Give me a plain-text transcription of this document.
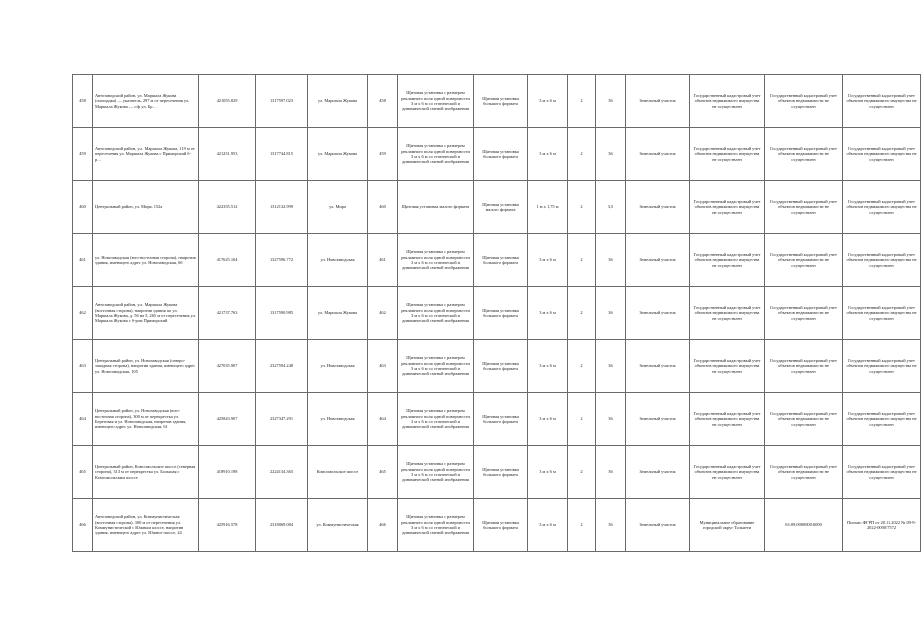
458	Автозаводский район, ул. Маршала Жукова (площадка) — указатель, 297 м от пересечения ул. Маршала Жукова — с/ф ул. Бр…	421055.829	1317597.023	ул. Маршала Жукова	458	Щитовая установка с размером рекламного поля одной поверхности 3 м х 6 м со статической и динамической сменой изображения	Щитовая установка большого формата	3 м х 6 м	2	36	Земельный участок	Государственный кадастровый учет объектов недвижимого имущества не осуществлен	Государственный кадастровый учет объектов недвижимости не осуществлен	Государственный кадастровый учет объектов недвижимого имущества не осуществлен
459	Автозаводский район, у.л. Маршала Жукова, 119 м от пересечения ул. Маршала Жукова с Приморский б-р…	421251.953	1317744.815	ул. Маршала Жукова	459	Щитовая установка с размером рекламного поля одной поверхности 3 м х 6 м со статической и динамической сменой изображения	Щитовая установка большого формата	3 м х 6 м	2	36	Земельный участок	Государственный кадастровый учет объектов недвижимого имущества не осуществлен	Государственный кадастровый учет объектов недвижимости не осуществлен	Государственный кадастровый учет объектов недвижимого имущества не осуществлен
460	Центральный район, ул. Мира, 152а	422355.512	1312132.999	ул. Мира	460	Щитовая установка малого формата	Щитовая установка малого формата	1 м х 1,75 м	2	3,5	Земельный участок	Государственный кадастровый учет объектов недвижимого имущества не осуществлен	Государственный кадастровый учет объектов недвижимости не осуществлен	Государственный кадастровый учет объектов недвижимого имущества не осуществлен
461	ул. Новозаводская (юго-восточная сторона), напротив здания, имеющего адрес ул. Новозаводская, 6б	417625.164	1327596.772	ул. Новозаводская	461	Щитовая установка с размером рекламного поля одной поверхности 3 м х 6 м со статической и динамической сменой изображения	Щитовая установка большого формата	3 м х 6 м	2	36	Земельный участок	Государственный кадастровый учет объектов недвижимого имущества не осуществлен	Государственный кадастровый учет объектов недвижимости не осуществлен	Государственный кадастровый учет объектов недвижимого имущества не осуществлен
462	Автозаводский район, у.л. Маршала Жукова (восточная сторона), напротив здания по ул. Маршала Жукова, д. 56 на 5, 265 м от пересечения ул. Маршала Жукова с б-ром Приморский	421737.763	1317590.985	ул. Маршала Жукова	462	Щитовая установка с размером рекламного поля одной поверхности 3 м х 6 м со статической и динамической сменой изображения	Щитовая установка большого формата	3 м х 6 м	2	36	Земельный участок	Государственный кадастровый учет объектов недвижимого имущества не осуществлен	Государственный кадастровый учет объектов недвижимости не осуществлен	Государственный кадастровый учет объектов недвижимого имущества не осуществлен
463	Центральный район, ул. Новозаводская (северо-западная сторона), напротив здания, имеющего адрес ул. Новозаводская, 105	427035.907	2327594.248	ул. Новозаводская	463	Щитовая установка с размером рекламного поля одной поверхности 3 м х 6 м со статической и динамической сменой изображения	Щитовая установка большого формата	3 м х 6 м	2	36	Земельный участок	Государственный кадастровый учет объектов недвижимого имущества не осуществлен	Государственный кадастровый учет объектов недвижимости не осуществлен	Государственный кадастровый учет объектов недвижимого имущества не осуществлен
464	Центральный район, ул. Новозаводская (юго-восточная сторона), 300 м от перекрестка ул. Береговая и ул. Новозаводская, напротив здания, имеющего адрес ул. Новозаводская, 61	425843.907	2327347.291	ул. Новозаводская	464	Щитовая установка с размером рекламного поля одной поверхности 3 м х 6 м со статической и динамической сменой изображения	Щитовая установка большого формата	3 м х 6 м	2	36	Земельный участок	Государственный кадастровый учет объектов недвижимого имущества не осуществлен	Государственный кадастровый учет объектов недвижимости не осуществлен	Государственный кадастровый учет объектов недвижимого имущества не осуществлен
465	Центральный район, Комсомольское шоссе (северная сторона), 313 м от перекрестка ул. Большая с Комсомольским шоссе	418910.198	2224134.365	Комсомольское шоссе	465	Щитовая установка с размером рекламного поля одной поверхности 3 м х 6 м со статической и динамической сменой изображения	Щитовая установка большого формата	3 м х 6 м	2	36	Земельный участок	Государственный кадастровый учет объектов недвижимого имущества не осуществлен	Государственный кадастровый учет объектов недвижимости не осуществлен	Государственный кадастровый учет объектов недвижимого имущества не осуществлен
466	Автозаводский район, ул. Коммунистическая (восточная сторона), 300 м от пересечения ул. Коммунистической с Южным шоссе, напротив здания, имеющего адрес ул. Южное шоссе, 24	425916.578	2318069.084	ул. Коммунистическая	466	Щитовая установка с размером рекламного поля одной поверхности 3 м х 6 м со статической и динамической сменой изображения	Щитовая установка большого формата	3 м х 6 м	2	36	Земельный участок	Муниципальное образование городской округ Тольятти	63:09:0000000:0000	Письмо ФГРП от 28.11.2022 № 09-9-2022-0000/7572
